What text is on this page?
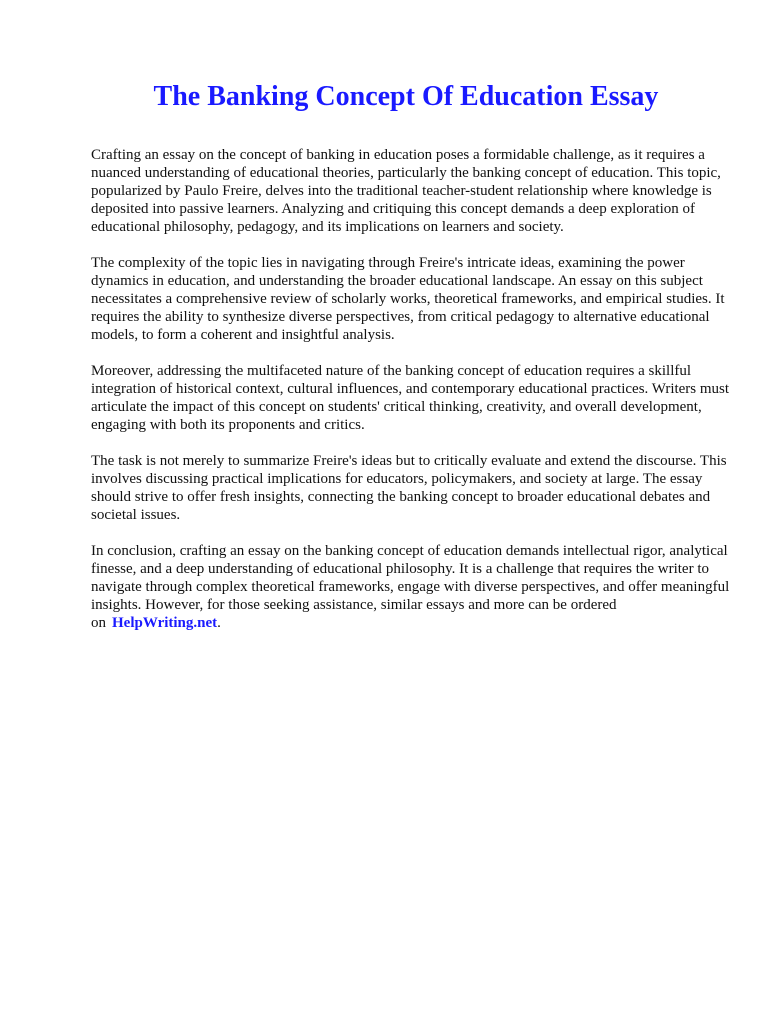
The Banking Concept Of Education Essay

Crafting an essay on the concept of banking in education poses a formidable challenge, as it requires a nuanced understanding of educational theories, particularly the banking concept of education. This topic, popularized by Paulo Freire, delves into the traditional teacher-student relationship where knowledge is deposited into passive learners. Analyzing and critiquing this concept demands a deep exploration of educational philosophy, pedagogy, and its implications on learners and society.

The complexity of the topic lies in navigating through Freire's intricate ideas, examining the power dynamics in education, and understanding the broader educational landscape. An essay on this subject necessitates a comprehensive review of scholarly works, theoretical frameworks, and empirical studies. It requires the ability to synthesize diverse perspectives, from critical pedagogy to alternative educational models, to form a coherent and insightful analysis.

Moreover, addressing the multifaceted nature of the banking concept of education requires a skillful integration of historical context, cultural influences, and contemporary educational practices. Writers must articulate the impact of this concept on students' critical thinking, creativity, and overall development, engaging with both its proponents and critics.

The task is not merely to summarize Freire's ideas but to critically evaluate and extend the discourse. This involves discussing practical implications for educators, policymakers, and society at large. The essay should strive to offer fresh insights, connecting the banking concept to broader educational debates and societal issues.

In conclusion, crafting an essay on the banking concept of education demands intellectual rigor, analytical finesse, and a deep understanding of educational philosophy. It is a challenge that requires the writer to navigate through complex theoretical frameworks, engage with diverse perspectives, and offer meaningful insights. However, for those seeking assistance, similar essays and more can be ordered on HelpWriting.net.
